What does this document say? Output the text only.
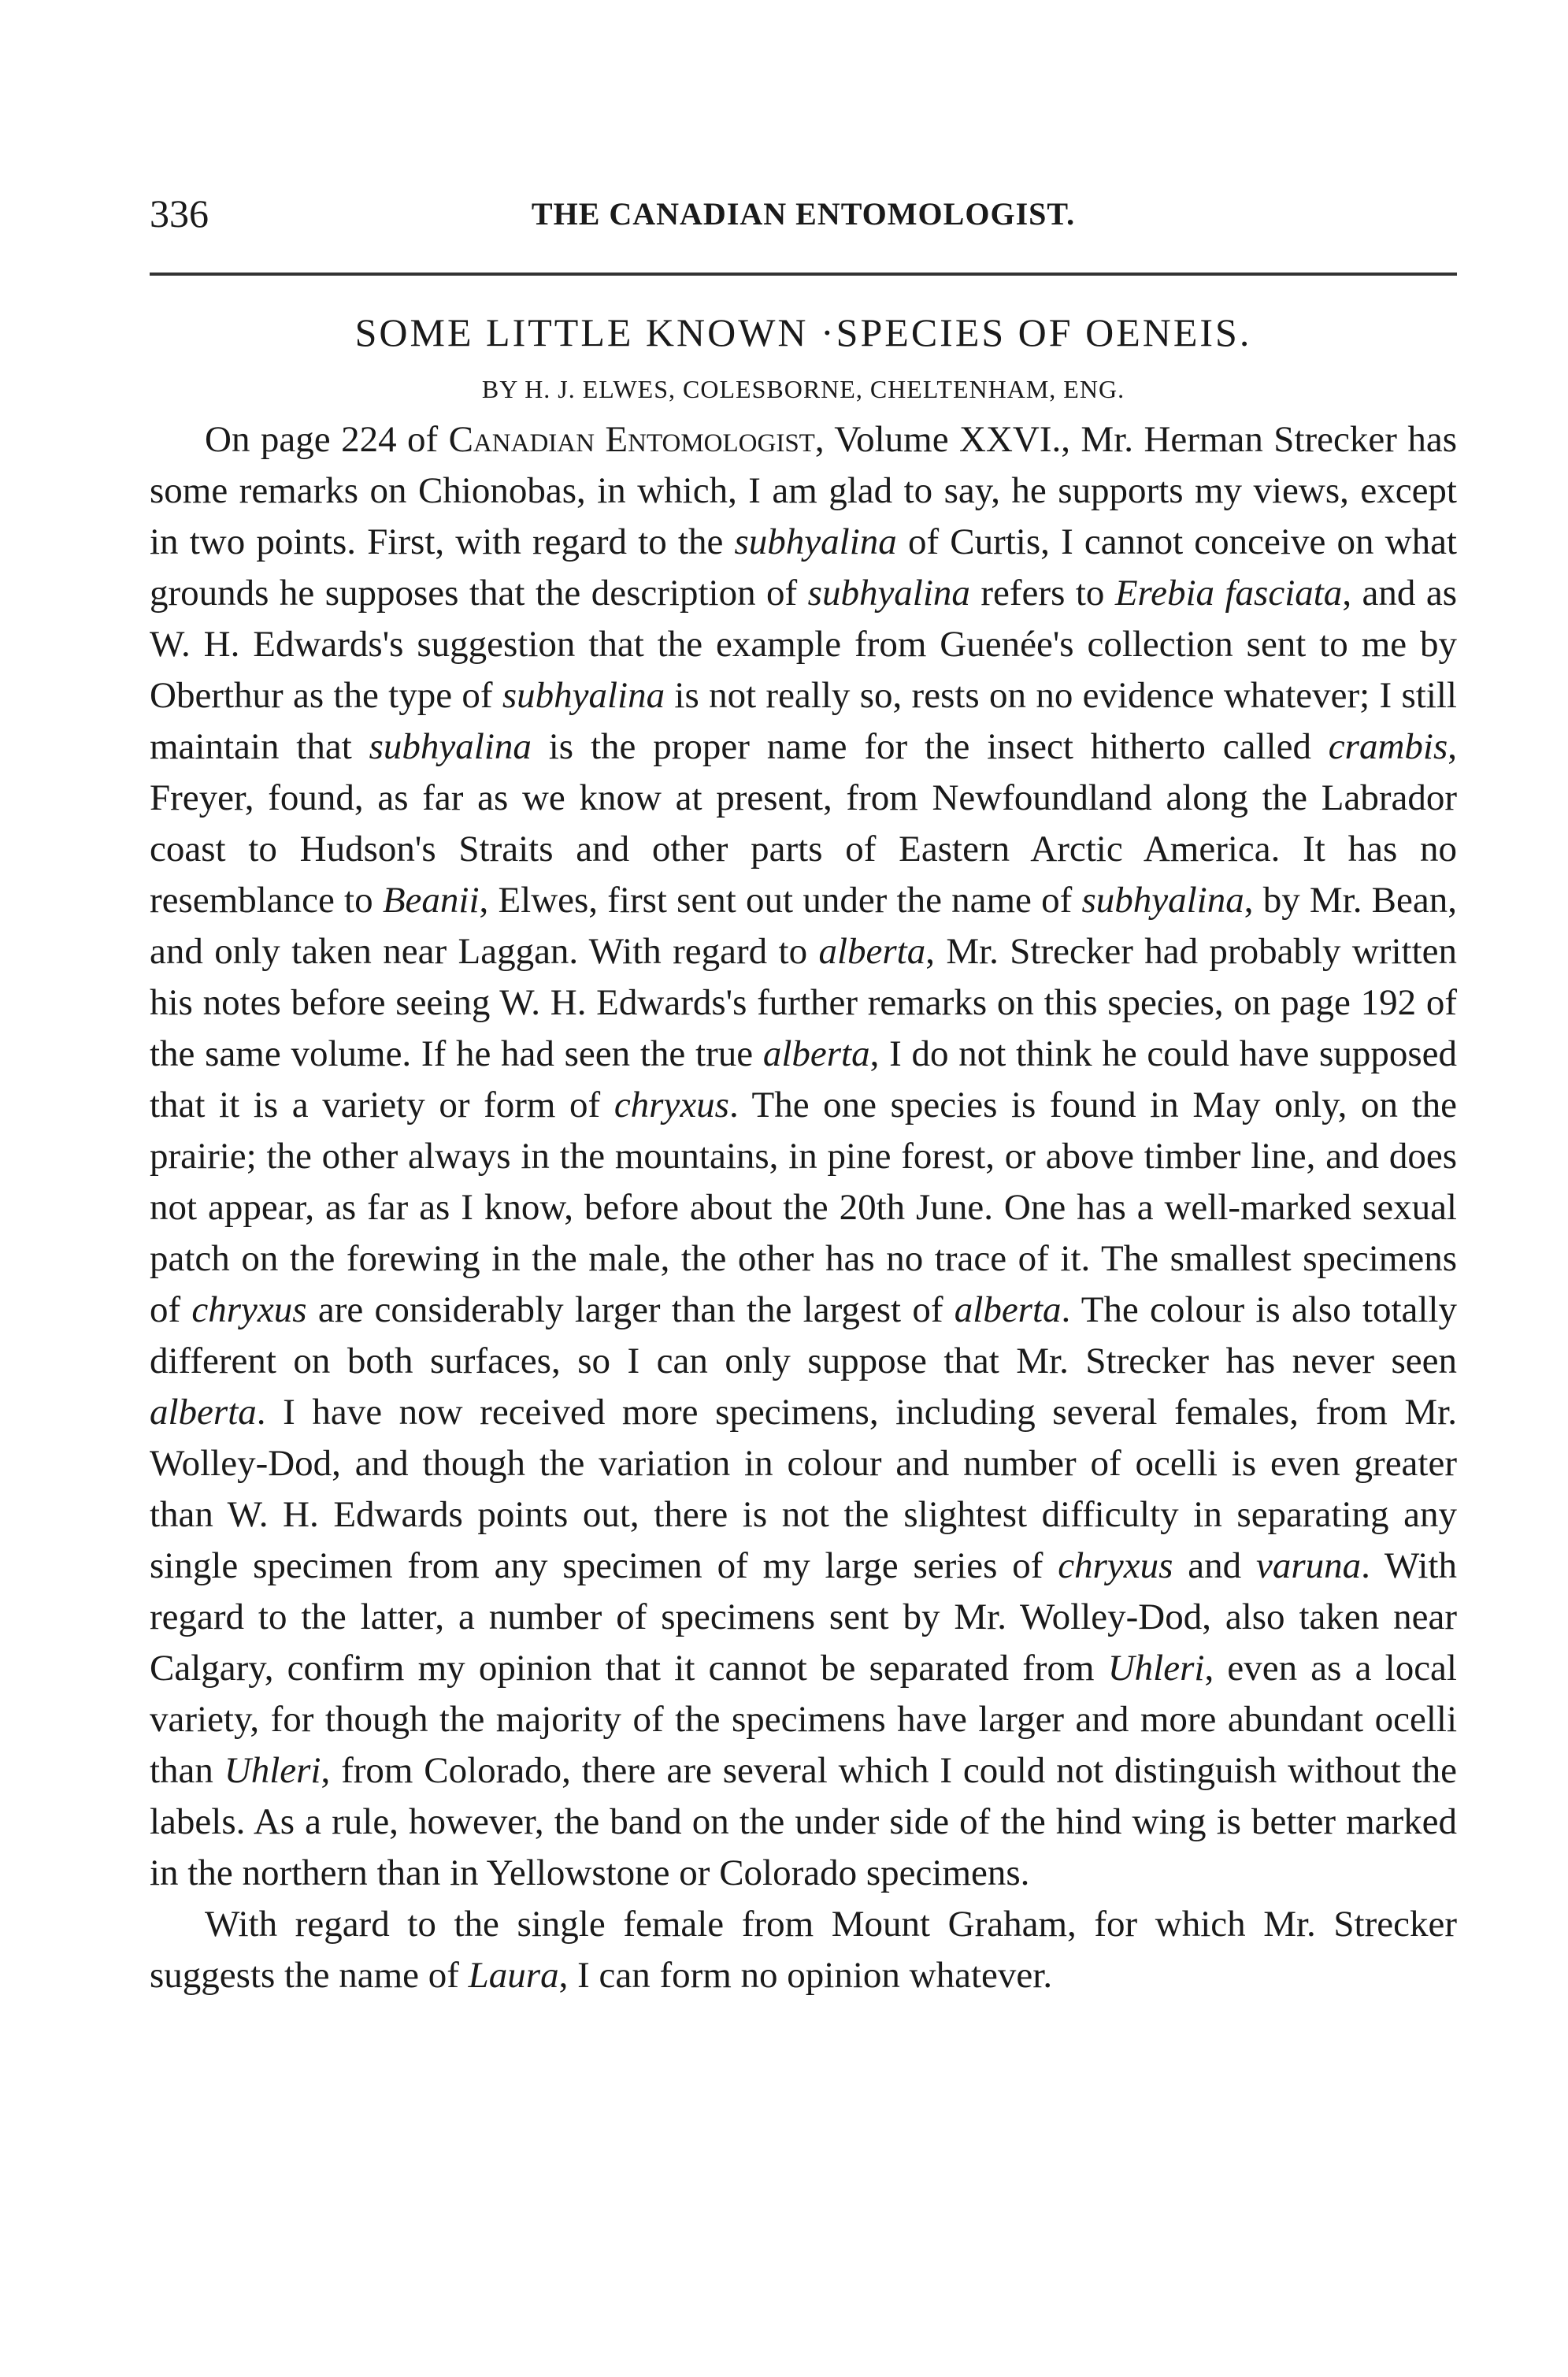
336	THE CANADIAN ENTOMOLOGIST.
SOME LITTLE KNOWN ·SPECIES OF OENEIS.
BY H. J. ELWES, COLESBORNE, CHELTENHAM, ENG.

On page 224 of Canadian Entomologist, Volume XXVI., Mr. Herman Strecker has some remarks on Chionobas, in which, I am glad to say, he supports my views, except in two points. First, with regard to the subhyalina of Curtis, I cannot conceive on what grounds he supposes that the description of subhyalina refers to Erebia fasciata, and as W. H. Edwards's suggestion that the example from Guenée's collection sent to me by Oberthur as the type of subhyalina is not really so, rests on no evidence whatever; I still maintain that subhyalina is the proper name for the insect hitherto called crambis, Freyer, found, as far as we know at present, from Newfoundland along the Labrador coast to Hudson's Straits and other parts of Eastern Arctic America. It has no resemblance to Beanii, Elwes, first sent out under the name of subhyalina, by Mr. Bean, and only taken near Laggan. With regard to alberta, Mr. Strecker had probably written his notes before seeing W. H. Edwards's further remarks on this species, on page 192 of the same volume. If he had seen the true alberta, I do not think he could have supposed that it is a variety or form of chryxus. The one species is found in May only, on the prairie; the other always in the mountains, in pine forest, or above timber line, and does not appear, as far as I know, before about the 20th June. One has a well-marked sexual patch on the forewing in the male, the other has no trace of it. The smallest specimens of chryxus are considerably larger than the largest of alberta. The colour is also totally different on both surfaces, so I can only suppose that Mr. Strecker has never seen alberta. I have now received more specimens, including several females, from Mr. Wolley-Dod, and though the variation in colour and number of ocelli is even greater than W. H. Edwards points out, there is not the slightest difficulty in separating any single specimen from any specimen of my large series of chryxus and varuna. With regard to the latter, a number of specimens sent by Mr. Wolley-Dod, also taken near Calgary, confirm my opinion that it cannot be separated from Uhleri, even as a local variety, for though the majority of the specimens have larger and more abundant ocelli than Uhleri, from Colorado, there are several which I could not distinguish without the labels. As a rule, however, the band on the under side of the hind wing is better marked in the northern than in Yellowstone or Colorado specimens.

With regard to the single female from Mount Graham, for which Mr. Strecker suggests the name of Laura, I can form no opinion whatever.
